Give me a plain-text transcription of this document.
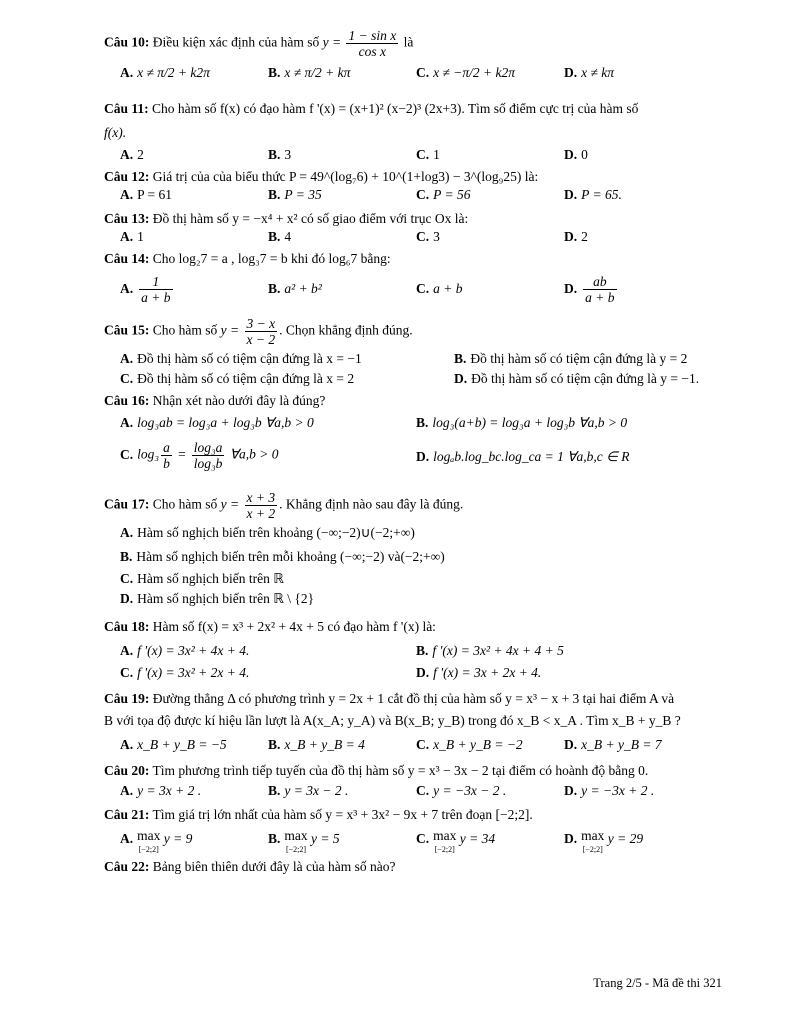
Câu 10: Điều kiện xác định của hàm số $y = \frac{\text{1 − sin x}}{\text{cos x}}$ là
A. x ≠ π/2 + k2π	B. x ≠ π/2 + kπ	C. x ≠ −π/2 + k2π	D. x ≠ kπ
Câu 11: Cho hàm số f(x) có đạo hàm f '(x) = (x+1)² (x−2)³ (2x+3). Tìm số điểm cực trị của hàm số
f(x).
A. 2	B. 3	C. 1	D. 0
Câu 12: Giá trị của của biểu thức P = 49^(log₇6) + 10^(1+log3) − 3^(log₉25) là:
A. P = 61	B. P = 35	C. P = 56	D. P = 65.
Câu 13: Đồ thị hàm số y = −x⁴ + x² có số giao điểm với trục Ox là:
A. 1	B. 4	C. 3	D. 2
Câu 14: Cho log₂7 = a , log₃7 = b khi đó log₆7 bằng:
A. $\frac{1}{a + b}$	B. a² + b²	C. a + b	D. $\frac{ab}{a + b}$
Câu 15: Cho hàm số $y = \frac{3 - x}{x - 2}$ . Chọn khẳng định đúng.
A. Đồ thị hàm số có tiệm cận đứng là x = −1	B. Đồ thị hàm số có tiệm cận đứng là y = 2
C. Đồ thị hàm số có tiệm cận đứng là x = 2	D. Đồ thị hàm số có tiệm cận đứng là y = −1.
Câu 16: Nhận xét nào dưới đây là đúng?
A. log₃ab = log₃a + log₃b ∀a,b > 0	B. log₃(a+b) = log₃a + log₃b ∀a,b > 0
C. $\log_3 \frac{a}{b} = \frac{\text{log₃a}}{\text{log₃b}}$ ∀a,b > 0	D. logₐb.log_bc.log_ca = 1 ∀a,b,c ∈ R
Câu 17: Cho hàm số $y = \frac{x + 3}{x + 2}$ . Khẳng định nào sau đây là đúng.
A. Hàm số nghịch biến trên khoảng (−∞;−2)∪(−2;+∞)
B. Hàm số nghịch biến trên mỗi khoảng (−∞;−2) và(−2;+∞)
C. Hàm số nghịch biến trên ℝ
D. Hàm số nghịch biến trên ℝ \ {2}
Câu 18: Hàm số f(x) = x³ + 2x² + 4x + 5 có đạo hàm f '(x) là:
A. f '(x) = 3x² + 4x + 4.	B. f '(x) = 3x² + 4x + 4 + 5
C. f '(x) = 3x² + 2x + 4.	D. f '(x) = 3x + 2x + 4.
Câu 19: Đường thẳng Δ có phương trình y = 2x + 1 cắt đồ thị của hàm số y = x³ − x + 3 tại hai điểm A và
B với tọa độ được kí hiệu lần lượt là A(x_A; y_A) và B(x_B; y_B) trong đó x_B < x_A . Tìm x_B + y_B ?
A. x_B + y_B = −5	B. x_B + y_B = 4	C. x_B + y_B = −2	D. x_B + y_B = 7
Câu 20: Tìm phương trình tiếp tuyến của đồ thị hàm số y = x³ − 3x − 2 tại điểm có hoành độ bằng 0.
A. y = 3x + 2 .	B. y = 3x − 2 .	C. y = −3x − 2 .	D. y = −3x + 2 .
Câu 21: Tìm giá trị lớn nhất của hàm số y = x³ + 3x² − 9x + 7 trên đoạn [−2;2].
A. max
[−2;2] y = 9	B. max
[−2;2] y = 5	C. max
[−2;2] y = 34	D. max
[−2;2] y = 29
Câu 22: Bảng biên thiên dưới đây là của hàm số nào?
Trang 2/5 - Mã đề thi 321
